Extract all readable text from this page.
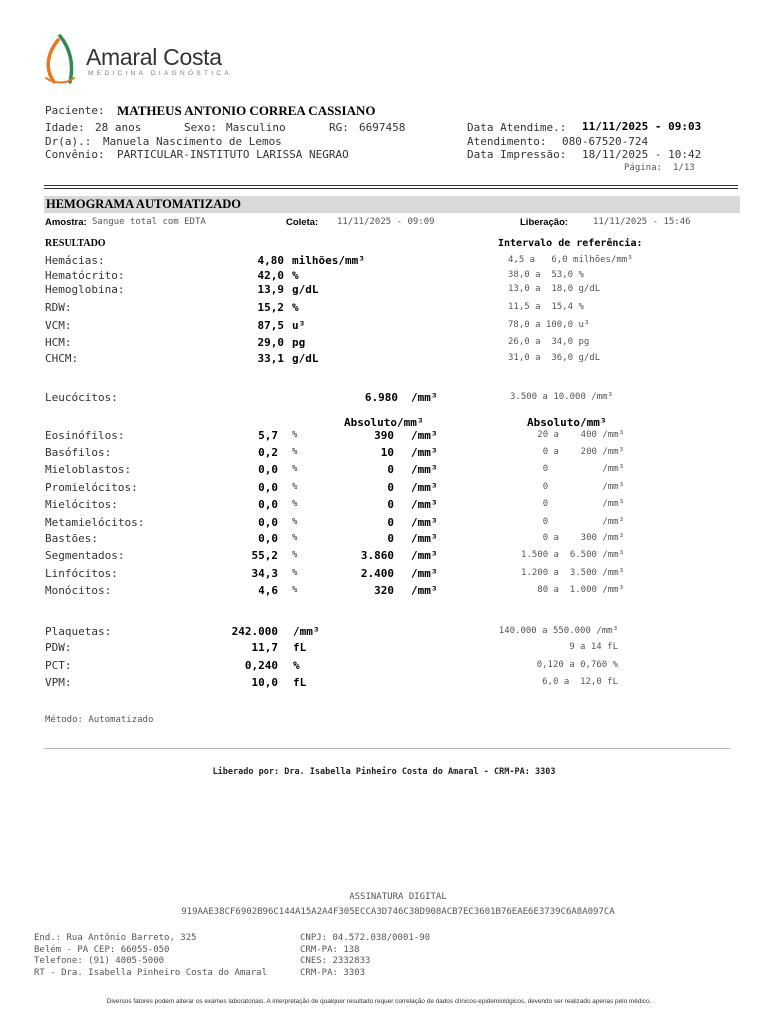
Amaral Costa
MEDICINA DIAGNÓSTICA
Paciente: MATHEUS ANTONIO CORREA CASSIANO
Idade: 28 anos	Sexo: Masculino	RG: 6697458
Dr(a).: Manuela Nascimento de Lemos
Convênio: PARTICULAR-INSTITUTO LARISSA NEGRAO
Data Atendime.: 11/11/2025 - 09:03
Atendimento: 080-67520-724
Data Impressão: 18/11/2025 - 10:42
Página: 1/13
HEMOGRAMA AUTOMATIZADO
Amostra: Sangue total com EDTA	Coleta: 11/11/2025 - 09:09	Liberação:	11/11/2025 - 15:46
RESULTADO	Intervalo de referência:
Hemácias:	4,80 milhões/mm³	4,5 a   6,0 milhões/mm³
Hematócrito:	42,0 %	38,0 a  53,0 %
Hemoglobina:	13,9 g/dL	13,0 a  18,0 g/dL
RDW:	15,2 %	11,5 a  15,4 %
VCM:	87,5 u³	78,0 a 100,0 u³
HCM:	29,0 pg	26,0 a  34,0 pg
CHCM:	33,1 g/dL	31,0 a  36,0 g/dL
Leucócitos:	6.980 /mm³	3.500 a 10.000 /mm³
Absoluto/mm³	Absoluto/mm³
Eosinófilos:	5,7 %	390 /mm³	20 a    400 /mm³
Basófilos:	0,2 %	10 /mm³	0 a    200 /mm³
Mieloblastos:	0,0 %	0 /mm³	0          /mm³
Promielócitos:	0,0 %	0 /mm³	0          /mm³
Mielócitos:	0,0 %	0 /mm³	0          /mm³
Metamielócitos:	0,0 %	0 /mm³	0          /mm³
Bastões:	0,0 %	0 /mm³	0 a    300 /mm³
Segmentados:	55,2 %	3.860 /mm³	1.500 a  6.500 /mm³
Linfócitos:	34,3 %	2.400 /mm³	1.200 a  3.500 /mm³
Monócitos:	4,6 %	320 /mm³	80 a  1.000 /mm³
Plaquetas:	242.000 /mm³	140.000 a 550.000 /mm³
PDW:	11,7 fL	9 a 14 fL
PCT:	0,240 %	0,120 a 0,760 %
VPM:	10,0 fL	6,0 a  12,0 fL
Método: Automatizado
Liberado por: Dra. Isabella Pinheiro Costa do Amaral - CRM-PA: 3303
ASSINATURA DIGITAL
919AAE38CF6902B96C144A15A2A4F305ECCA3D746C38D908ACB7EC3601B76EAE6E3739C6A8A097CA
End.: Rua Antônio Barreto, 325
Belém - PA CEP: 66055-050
Telefone: (91) 4005-5000
RT - Dra. Isabella Pinheiro Costa do Amaral
CNPJ: 04.572.038/0001-90
CRM-PA: 138
CNES: 2332833
CRM-PA: 3303
Diversos fatores podem alterar os exames laboratoriais. A interpretação de qualquer resultado requer correlação de dados clínicos-epidemiológicos, devendo ser realizado apenas pelo médico.
